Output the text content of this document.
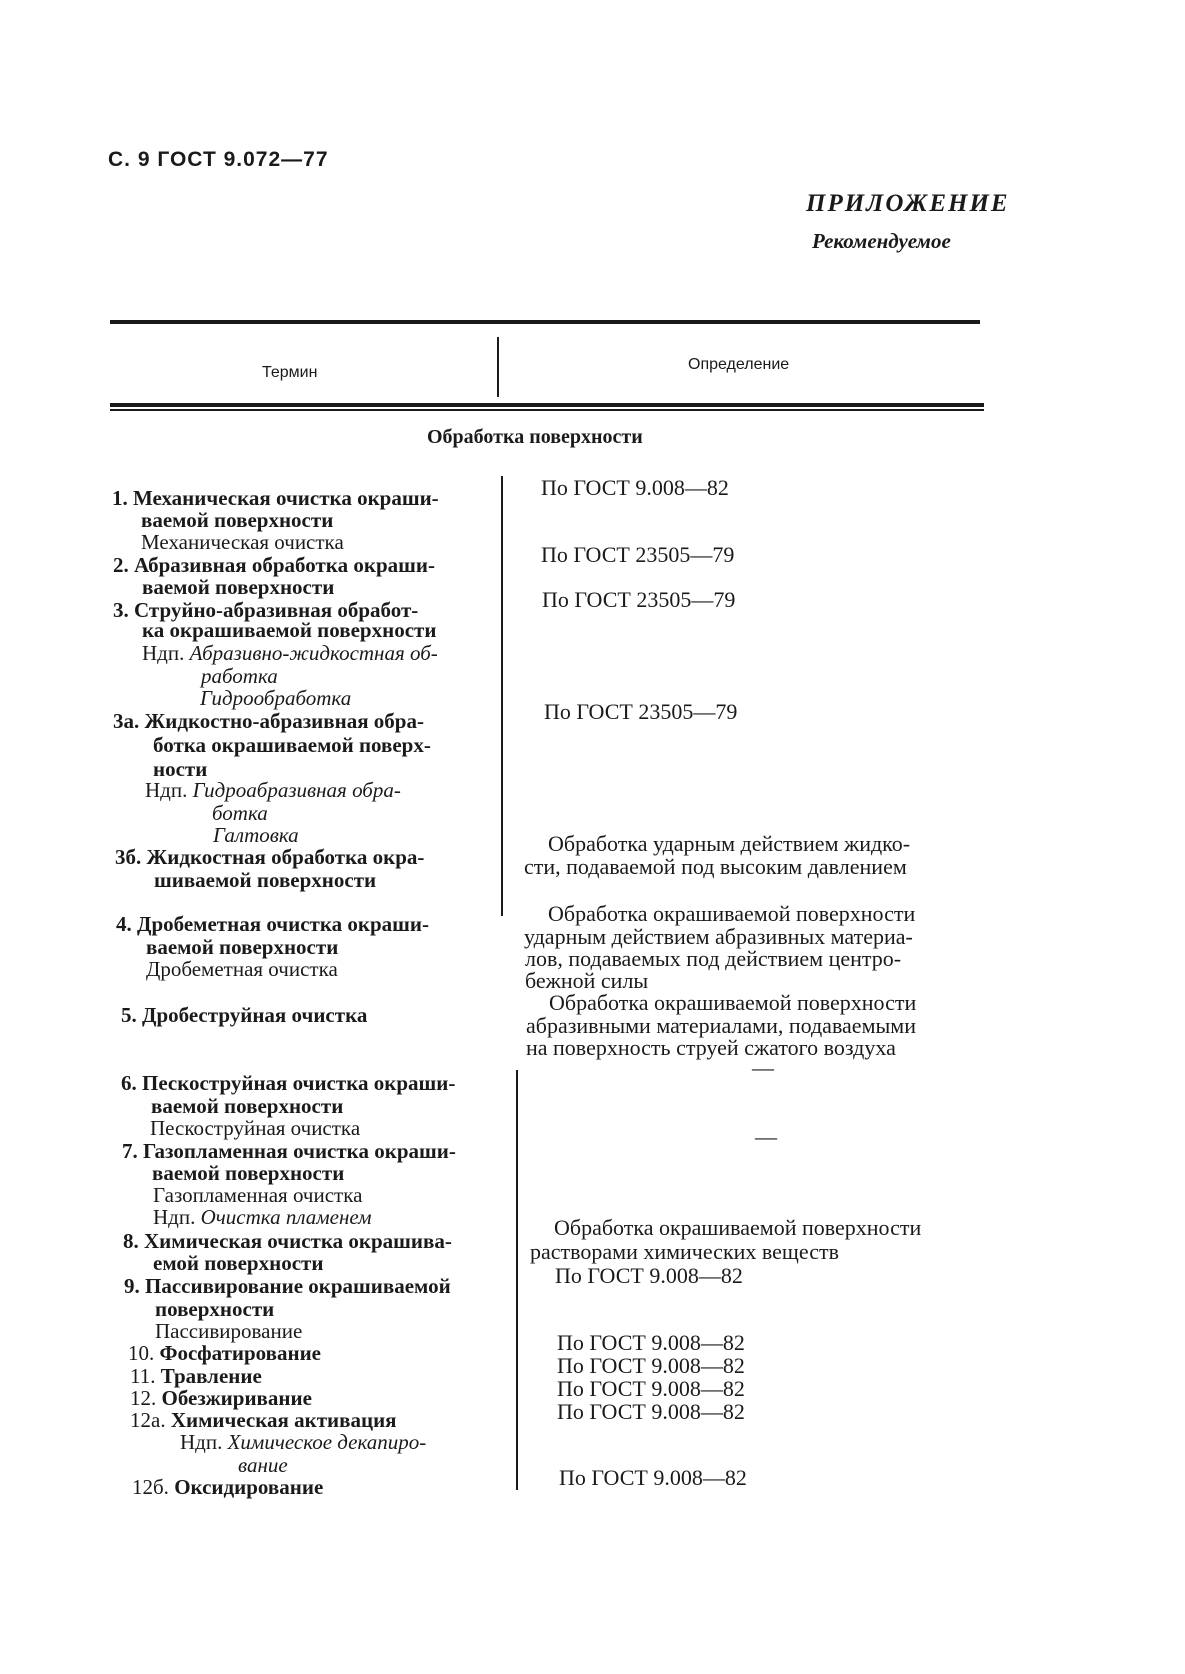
С. 9 ГОСТ 9.072—77
ПРИЛОЖЕНИЕ
Рекомендуемое
Термин	Определение
Обработка поверхности
1. Механическая очистка окраши-
ваемой поверхности
Механическая очистка
2. Абразивная обработка окраши-
ваемой поверхности
3. Струйно-абразивная обработ-
ка окрашиваемой поверхности
Ндп. Абразивно-жидкостная об-
работка
Гидрообработка
3а. Жидкостно-абразивная обра-
ботка окрашиваемой поверх-
ности
Ндп. Гидроабразивная обра-
ботка
Галтовка
3б. Жидкостная обработка окра-
шиваемой поверхности
4. Дробеметная очистка окраши-
ваемой поверхности
Дробеметная очистка
5. Дробеструйная очистка
6. Пескоструйная очистка окраши-
ваемой поверхности
Пескоструйная очистка
7. Газопламенная очистка окраши-
ваемой поверхности
Газопламенная очистка
Ндп. Очистка пламенем
8. Химическая очистка окрашива-
емой поверхности
9. Пассивирование окрашиваемой
поверхности
Пассивирование
10. Фосфатирование
11. Травление
12. Обезжиривание
12а. Химическая активация
Ндп. Химическое декапиро-
вание
12б. Оксидирование
По ГОСТ 9.008—82
По ГОСТ 23505—79
По ГОСТ 23505—79
По ГОСТ 23505—79
Обработка ударным действием жидко-
сти, подаваемой под высоким давлением
Обработка окрашиваемой поверхности
ударным действием абразивных материа-
лов, подаваемых под действием центро-
бежной силы
Обработка окрашиваемой поверхности
абразивными материалами, подаваемыми
на поверхность струей сжатого воздуха
—
—
Обработка окрашиваемой поверхности
растворами химических веществ
По ГОСТ 9.008—82
По ГОСТ 9.008—82
По ГОСТ 9.008—82
По ГОСТ 9.008—82
По ГОСТ 9.008—82
По ГОСТ 9.008—82
